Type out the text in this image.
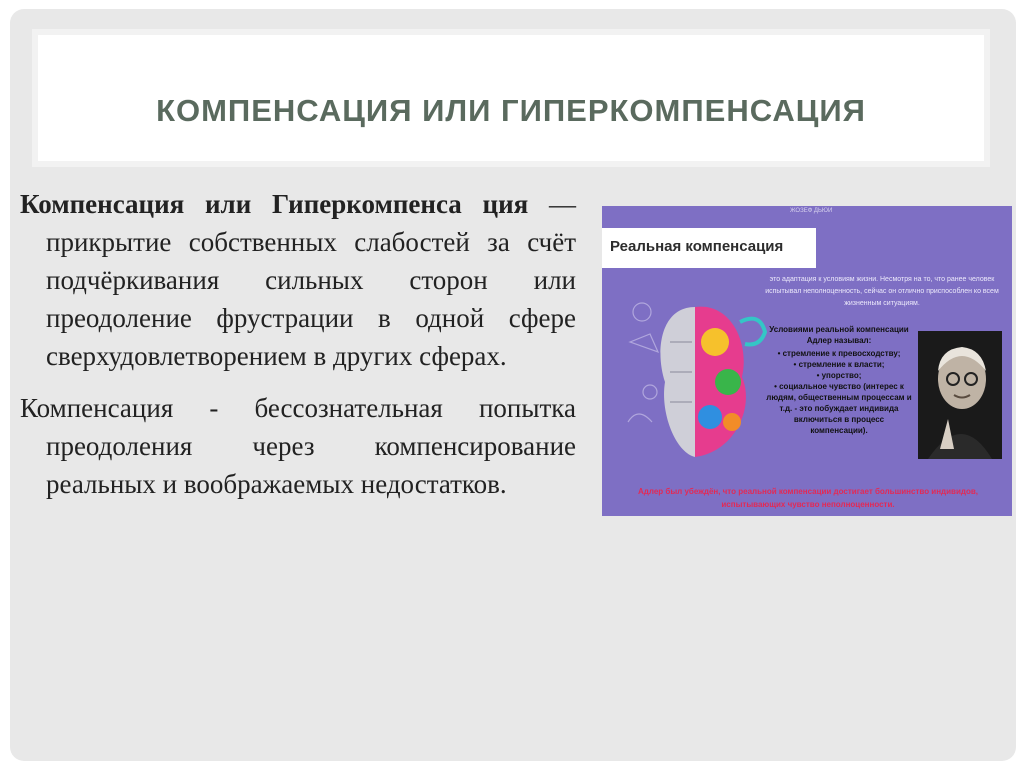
КОМПЕНСАЦИЯ ИЛИ ГИПЕРКОМПЕНСАЦИЯ

Компенсация или Гиперкомпенса ция — прикрытие собственных слабостей за счёт подчёркивания сильных сторон или преодоление фрустрации в одной сфере сверхудовлетворением в других сферах.

Компенсация - бессознательная попытка преодоления через компенсирование реальных и воображаемых недостатков.

ЖОЗЕФ ДЬЮИ
Реальная компенсация
это адаптация к условиям жизни. Несмотря на то, что ранее человек испытывал неполноценность, сейчас он отлично приспособлен ко всем жизненным ситуациям.
Условиями реальной компенсации Адлер называл:
• стремление к превосходству;
• стремление к власти;
• упорство;
• социальное чувство (интерес к людям, общественным процессам и т.д. - это побуждает индивида включиться в процесс компенсации).
Адлер был убеждён, что реальной компенсации достигает большинство индивидов, испытывающих чувство неполноценности.
